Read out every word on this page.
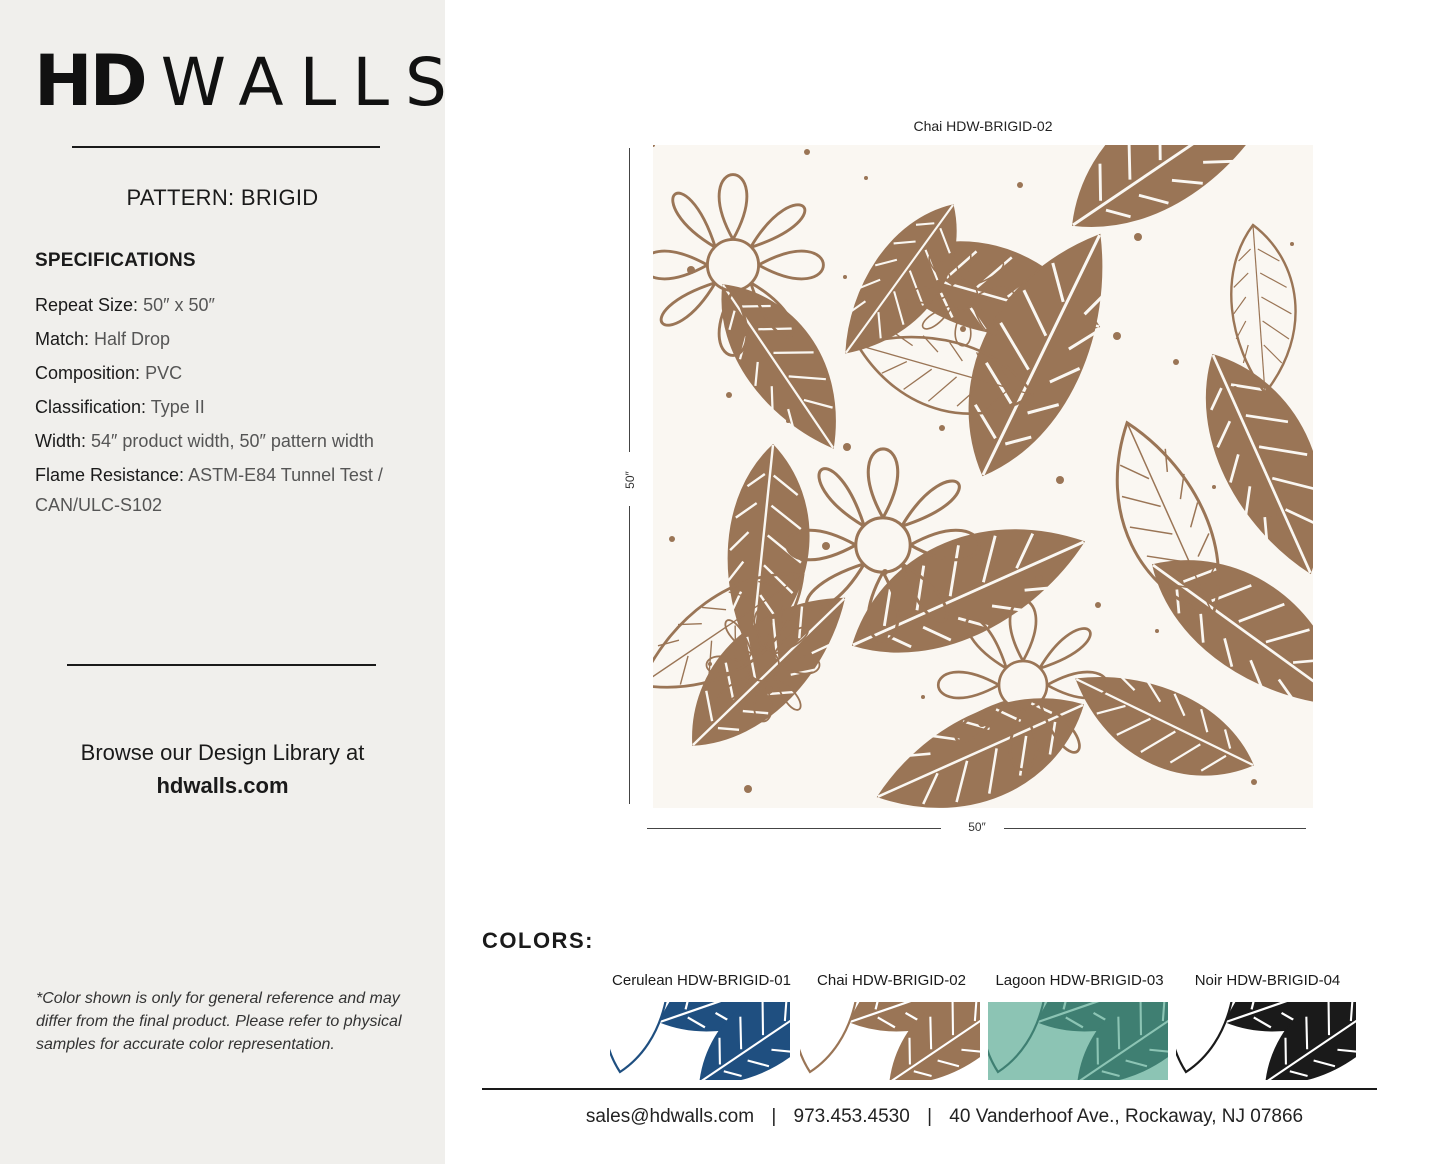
HD WALLS
PATTERN: BRIGID
SPECIFICATIONS
Repeat Size: 50″ x 50″
Match: Half Drop
Composition: PVC
Classification: Type II
Width: 54″ product width, 50″ pattern width
Flame Resistance: ASTM-E84 Tunnel Test / CAN/ULC-S102
Browse our Design Library at
hdwalls.com
*Color shown is only for general reference and may differ from the final product. Please refer to physical samples for accurate color representation.
Chai HDW-BRIGID-02
50″
50″
COLORS:
Cerulean HDW-BRIGID-01	Chai HDW-BRIGID-02	Lagoon HDW-BRIGID-03	Noir HDW-BRIGID-04
sales@hdwalls.com | 973.453.4530 | 40 Vanderhoof Ave., Rockaway, NJ 07866
